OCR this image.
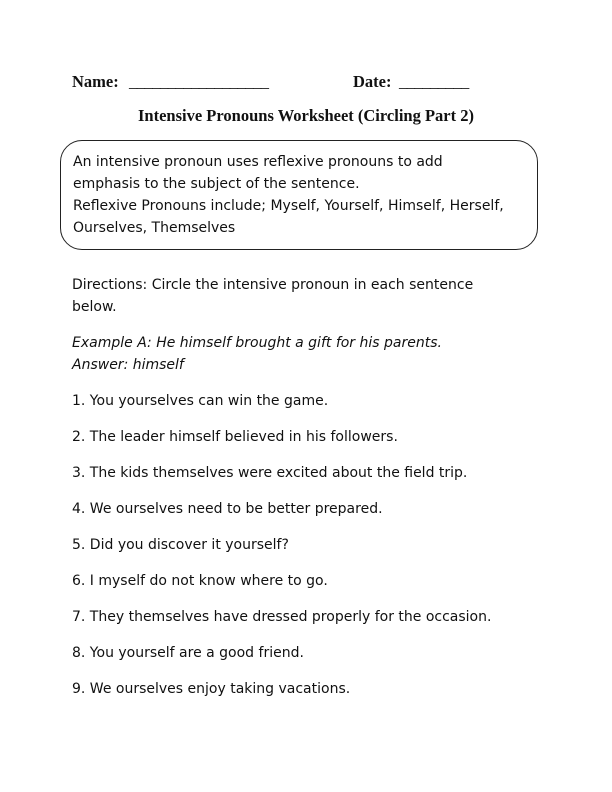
Name: __________________	Date: _________
Intensive Pronouns Worksheet (Circling Part 2)

An intensive pronoun uses reflexive pronouns to add

emphasis to the subject of the sentence.

Reflexive Pronouns include; Myself, Yourself, Himself, Herself,

Ourselves, Themselves

Directions: Circle the intensive pronoun in each sentence
below.
Example A: He himself brought a gift for his parents.
Answer: himself
1. You yourselves can win the game.
2. The leader himself believed in his followers.
3. The kids themselves were excited about the field trip.
4. We ourselves need to be better prepared.
5. Did you discover it yourself?
6. I myself do not know where to go.
7. They themselves have dressed properly for the occasion.
8. You yourself are a good friend.
9. We ourselves enjoy taking vacations.
